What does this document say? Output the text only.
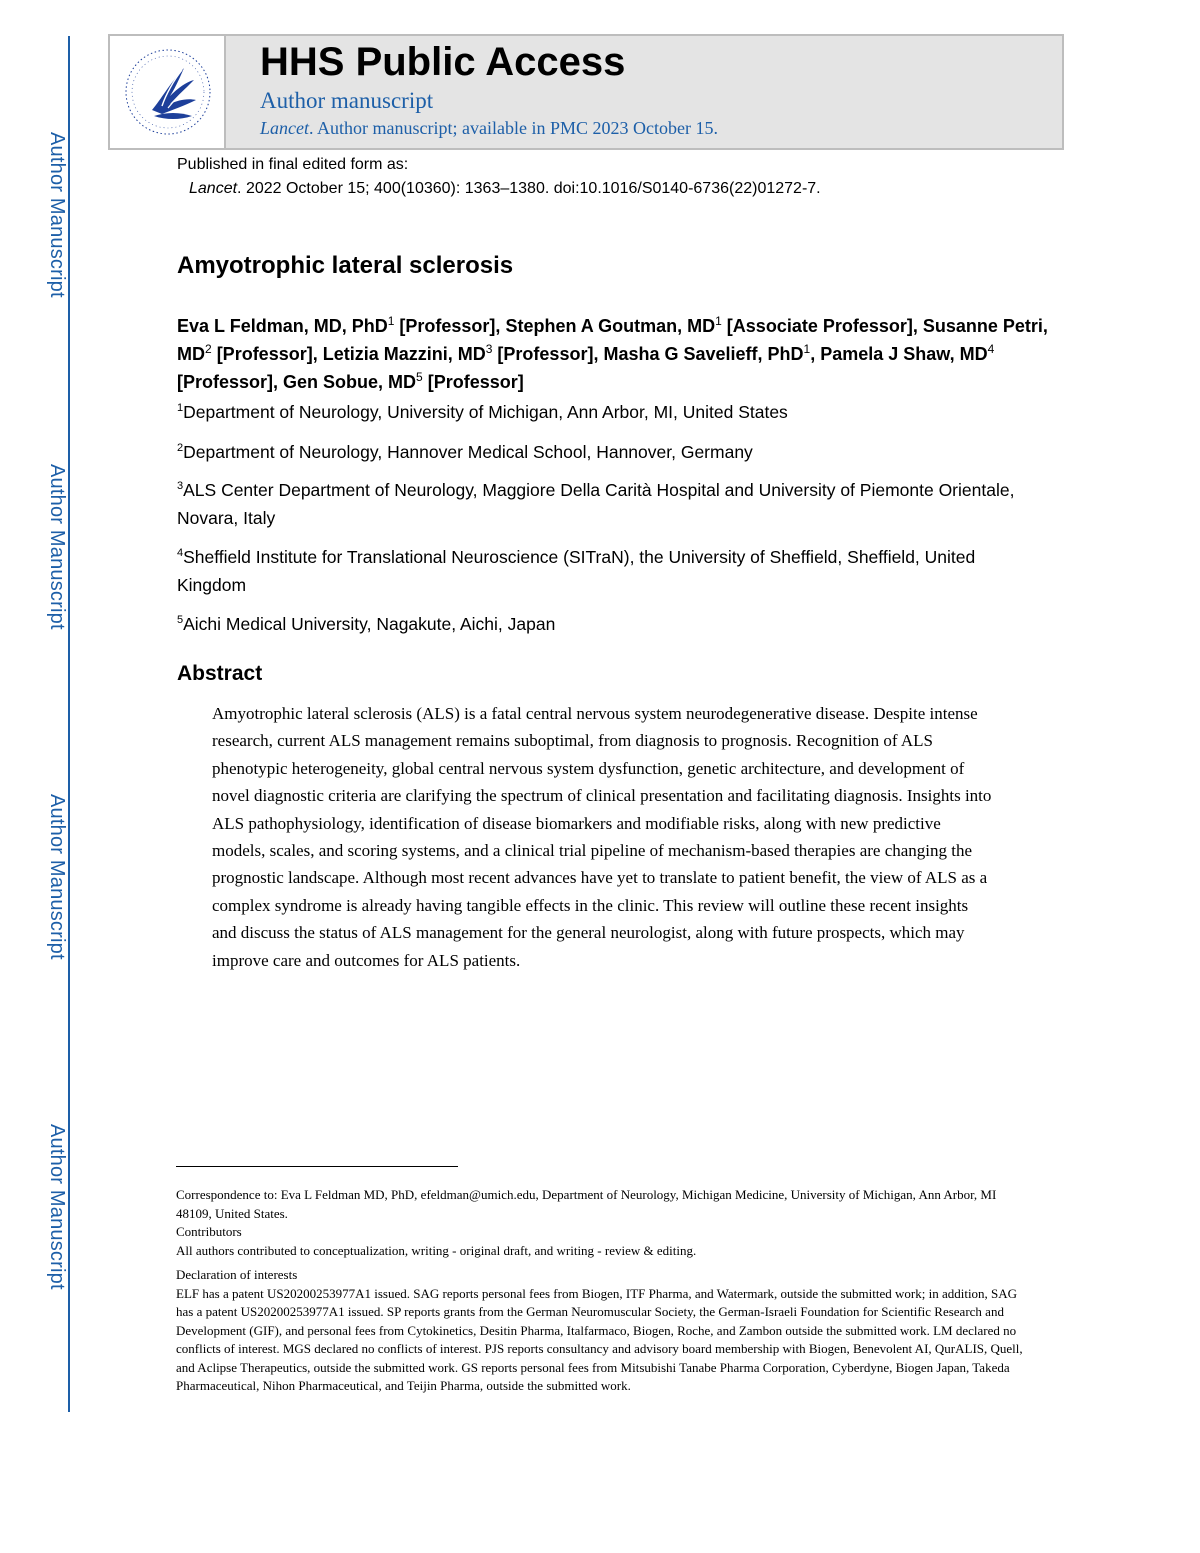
Author Manuscript
Author Manuscript
Author Manuscript
Author Manuscript
HHS Public Access
Author manuscript
Lancet. Author manuscript; available in PMC 2023 October 15.
Published in final edited form as:
Lancet. 2022 October 15; 400(10360): 1363–1380. doi:10.1016/S0140-6736(22)01272-7.
Amyotrophic lateral sclerosis
Eva L Feldman, MD, PhD$^1$ [Professor], Stephen A Goutman, $MD^1$ [Associate Professor], Susanne Petri, $MD^2$ [Professor], Letizia Mazzini, $MD^3$ [Professor], Masha G Savelieff, PhD$^1$, Pamela J Shaw, $MD^4$ [Professor], Gen Sobue, $MD^5$ [Professor]
$^1$Department of Neurology, University of Michigan, Ann Arbor, MI, United States
$^2$Department of Neurology, Hannover Medical School, Hannover, Germany
$^3$ALS Center Department of Neurology, Maggiore Della Carità Hospital and University of Piemonte Orientale, Novara, Italy
$^4$Sheffield Institute for Translational Neuroscience (SITraN), the University of Sheffield, Sheffield, United Kingdom
$^5$Aichi Medical University, Nagakute, Aichi, Japan
Abstract
Amyotrophic lateral sclerosis (ALS) is a fatal central nervous system neurodegenerative disease. Despite intense research, current ALS management remains suboptimal, from diagnosis to prognosis. Recognition of ALS phenotypic heterogeneity, global central nervous system dysfunction, genetic architecture, and development of novel diagnostic criteria are clarifying the spectrum of clinical presentation and facilitating diagnosis. Insights into ALS pathophysiology, identification of disease biomarkers and modifiable risks, along with new predictive models, scales, and scoring systems, and a clinical trial pipeline of mechanism-based therapies are changing the prognostic landscape. Although most recent advances have yet to translate to patient benefit, the view of ALS as a complex syndrome is already having tangible effects in the clinic. This review will outline these recent insights and discuss the status of ALS management for the general neurologist, along with future prospects, which may improve care and outcomes for ALS patients.

Correspondence to: Eva L Feldman MD, PhD, efeldman@umich.edu, Department of Neurology, Michigan Medicine, University of Michigan, Ann Arbor, MI 48109, United States.

Contributors

All authors contributed to conceptualization, writing - original draft, and writing - review & editing.

Declaration of interests

ELF has a patent US20200253977A1 issued. SAG reports personal fees from Biogen, ITF Pharma, and Watermark, outside the submitted work; in addition, SAG has a patent US20200253977A1 issued. SP reports grants from the German Neuromuscular Society, the German-Israeli Foundation for Scientific Research and Development (GIF), and personal fees from Cytokinetics, Desitin Pharma, Italfarmaco, Biogen, Roche, and Zambon outside the submitted work. LM declared no conflicts of interest. MGS declared no conflicts of interest. PJS reports consultancy and advisory board membership with Biogen, Benevolent AI, QurALIS, Quell, and Aclipse Therapeutics, outside the submitted work. GS reports personal fees from Mitsubishi Tanabe Pharma Corporation, Cyberdyne, Biogen Japan, Takeda Pharmaceutical, Nihon Pharmaceutical, and Teijin Pharma, outside the submitted work.
